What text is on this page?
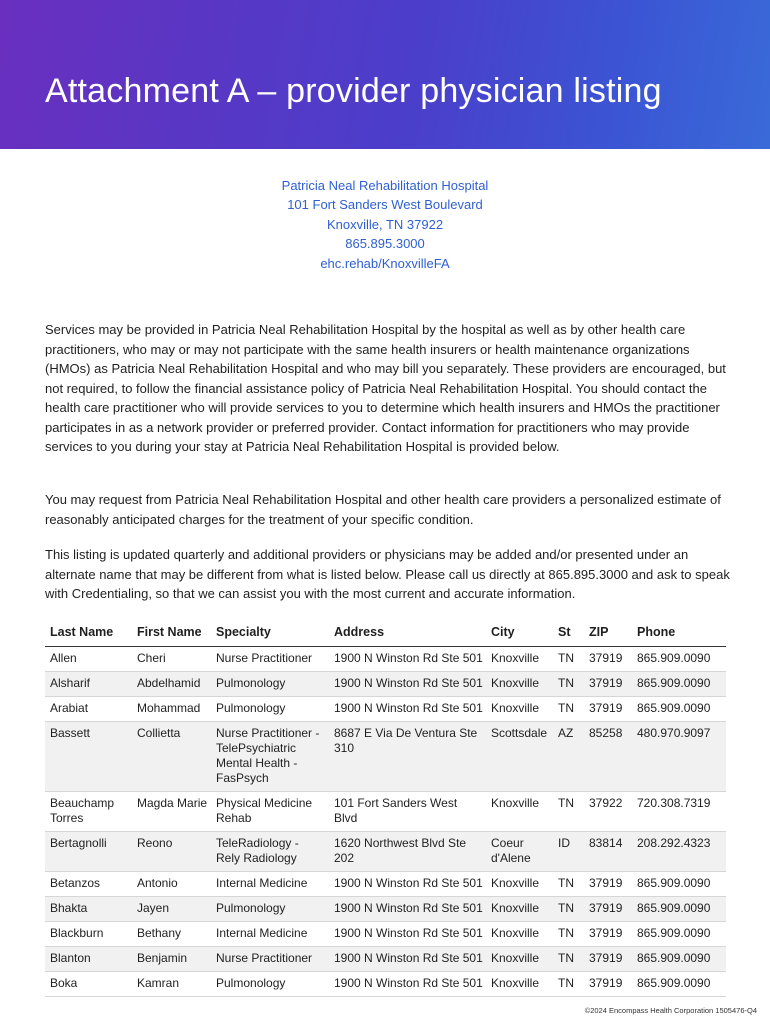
Attachment A – provider physician listing
Patricia Neal Rehabilitation Hospital
101 Fort Sanders West Boulevard
Knoxville, TN 37922
865.895.3000
ehc.rehab/KnoxvilleFA

Services may be provided in Patricia Neal Rehabilitation Hospital by the hospital as well as by other health care practitioners, who may or may not participate with the same health insurers or health maintenance organizations (HMOs) as Patricia Neal Rehabilitation Hospital and who may bill you separately. These providers are encouraged, but not required, to follow the financial assistance policy of Patricia Neal Rehabilitation Hospital. You should contact the health care practitioner who will provide services to you to determine which health insurers and HMOs the practitioner participates in as a network provider or preferred provider. Contact information for practitioners who may provide services to you during your stay at Patricia Neal Rehabilitation Hospital is provided below.

You may request from Patricia Neal Rehabilitation Hospital and other health care providers a personalized estimate of reasonably anticipated charges for the treatment of your specific condition.

This listing is updated quarterly and additional providers or physicians may be added and/or presented under an alternate name that may be different from what is listed below. Please call us directly at 865.895.3000 and ask to speak with Credentialing, so that we can assist you with the most current and accurate information.

Last Name	First Name	Specialty	Address	City	St	ZIP	Phone
Allen	Cheri	Nurse Practitioner	1900 N Winston Rd Ste 501	Knoxville	TN	37919	865.909.0090
Alsharif	Abdelhamid	Pulmonology	1900 N Winston Rd Ste 501	Knoxville	TN	37919	865.909.0090
Arabiat	Mohammad	Pulmonology	1900 N Winston Rd Ste 501	Knoxville	TN	37919	865.909.0090
Bassett	Collietta	Nurse Practitioner - TelePsychiatric Mental Health - FasPsych	8687 E Via De Ventura Ste 310	Scottsdale	AZ	85258	480.970.9097
Beauchamp Torres	Magda Marie	Physical Medicine Rehab	101 Fort Sanders West Blvd	Knoxville	TN	37922	720.308.7319
Bertagnolli	Reono	TeleRadiology - Rely Radiology	1620 Northwest Blvd Ste 202	Coeur d'Alene	ID	83814	208.292.4323
Betanzos	Antonio	Internal Medicine	1900 N Winston Rd Ste 501	Knoxville	TN	37919	865.909.0090
Bhakta	Jayen	Pulmonology	1900 N Winston Rd Ste 501	Knoxville	TN	37919	865.909.0090
Blackburn	Bethany	Internal Medicine	1900 N Winston Rd Ste 501	Knoxville	TN	37919	865.909.0090
Blanton	Benjamin	Nurse Practitioner	1900 N Winston Rd Ste 501	Knoxville	TN	37919	865.909.0090
Boka	Kamran	Pulmonology	1900 N Winston Rd Ste 501	Knoxville	TN	37919	865.909.0090
©2024 Encompass Health Corporation 1505476-Q4
